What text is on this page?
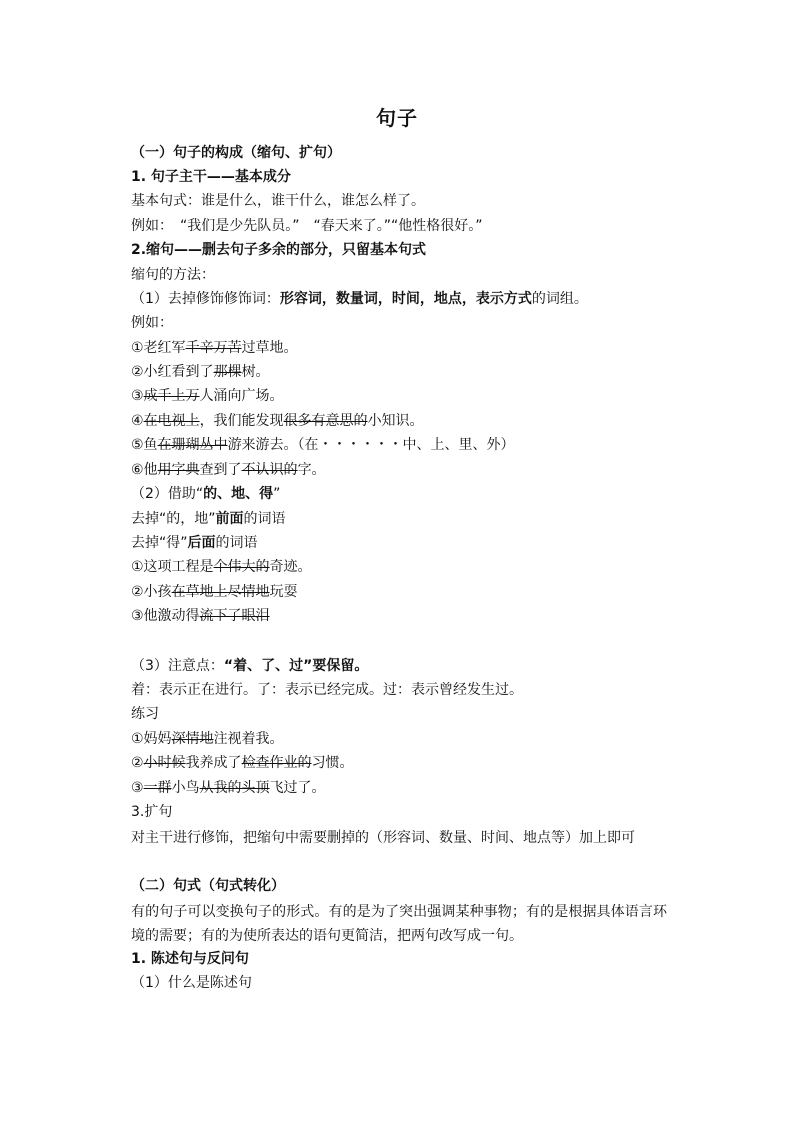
句子
（一）句子的构成（缩句、扩句）
1. 句子主干——基本成分
基本句式：谁是什么，谁干什么，谁怎么样了。
例如：　“我们是少先队员。”　“春天来了。”“他性格很好。”
2.缩句——删去句子多余的部分，只留基本句式
缩句的方法：
（1）去掉修饰修饰词：形容词，数量词，时间，地点，表示方式的词组。
例如：
①老红军千辛万苦过草地。
②小红看到了那棵树。
③成千上万人涌向广场。
④在电视上，我们能发现很多有意思的小知识。
⑤鱼在珊瑚丛中游来游去。（在・・・・・・中、上、里、外）
⑥他用字典查到了不认识的字。
（2）借助“的、地、得”
去掉“的，地”前面的词语
去掉“得”后面的词语
①这项工程是个伟大的奇迹。
②小孩在草地上尽情地玩耍
③他激动得流下了眼泪
（3）注意点：“着、了、过”要保留。
着：表示正在进行。了：表示已经完成。过：表示曾经发生过。
练习
①妈妈深情地注视着我。
②小时候我养成了检查作业的习惯。
③一群小鸟从我的头顶飞过了。
3.扩句
对主干进行修饰，把缩句中需要删掉的（形容词、数量、时间、地点等）加上即可
（二）句式（句式转化）
有的句子可以变换句子的形式。有的是为了突出强调某种事物；有的是根据具体语言环境的需要；有的为使所表达的语句更简洁，把两句改写成一句。
1. 陈述句与反问句
（1）什么是陈述句
